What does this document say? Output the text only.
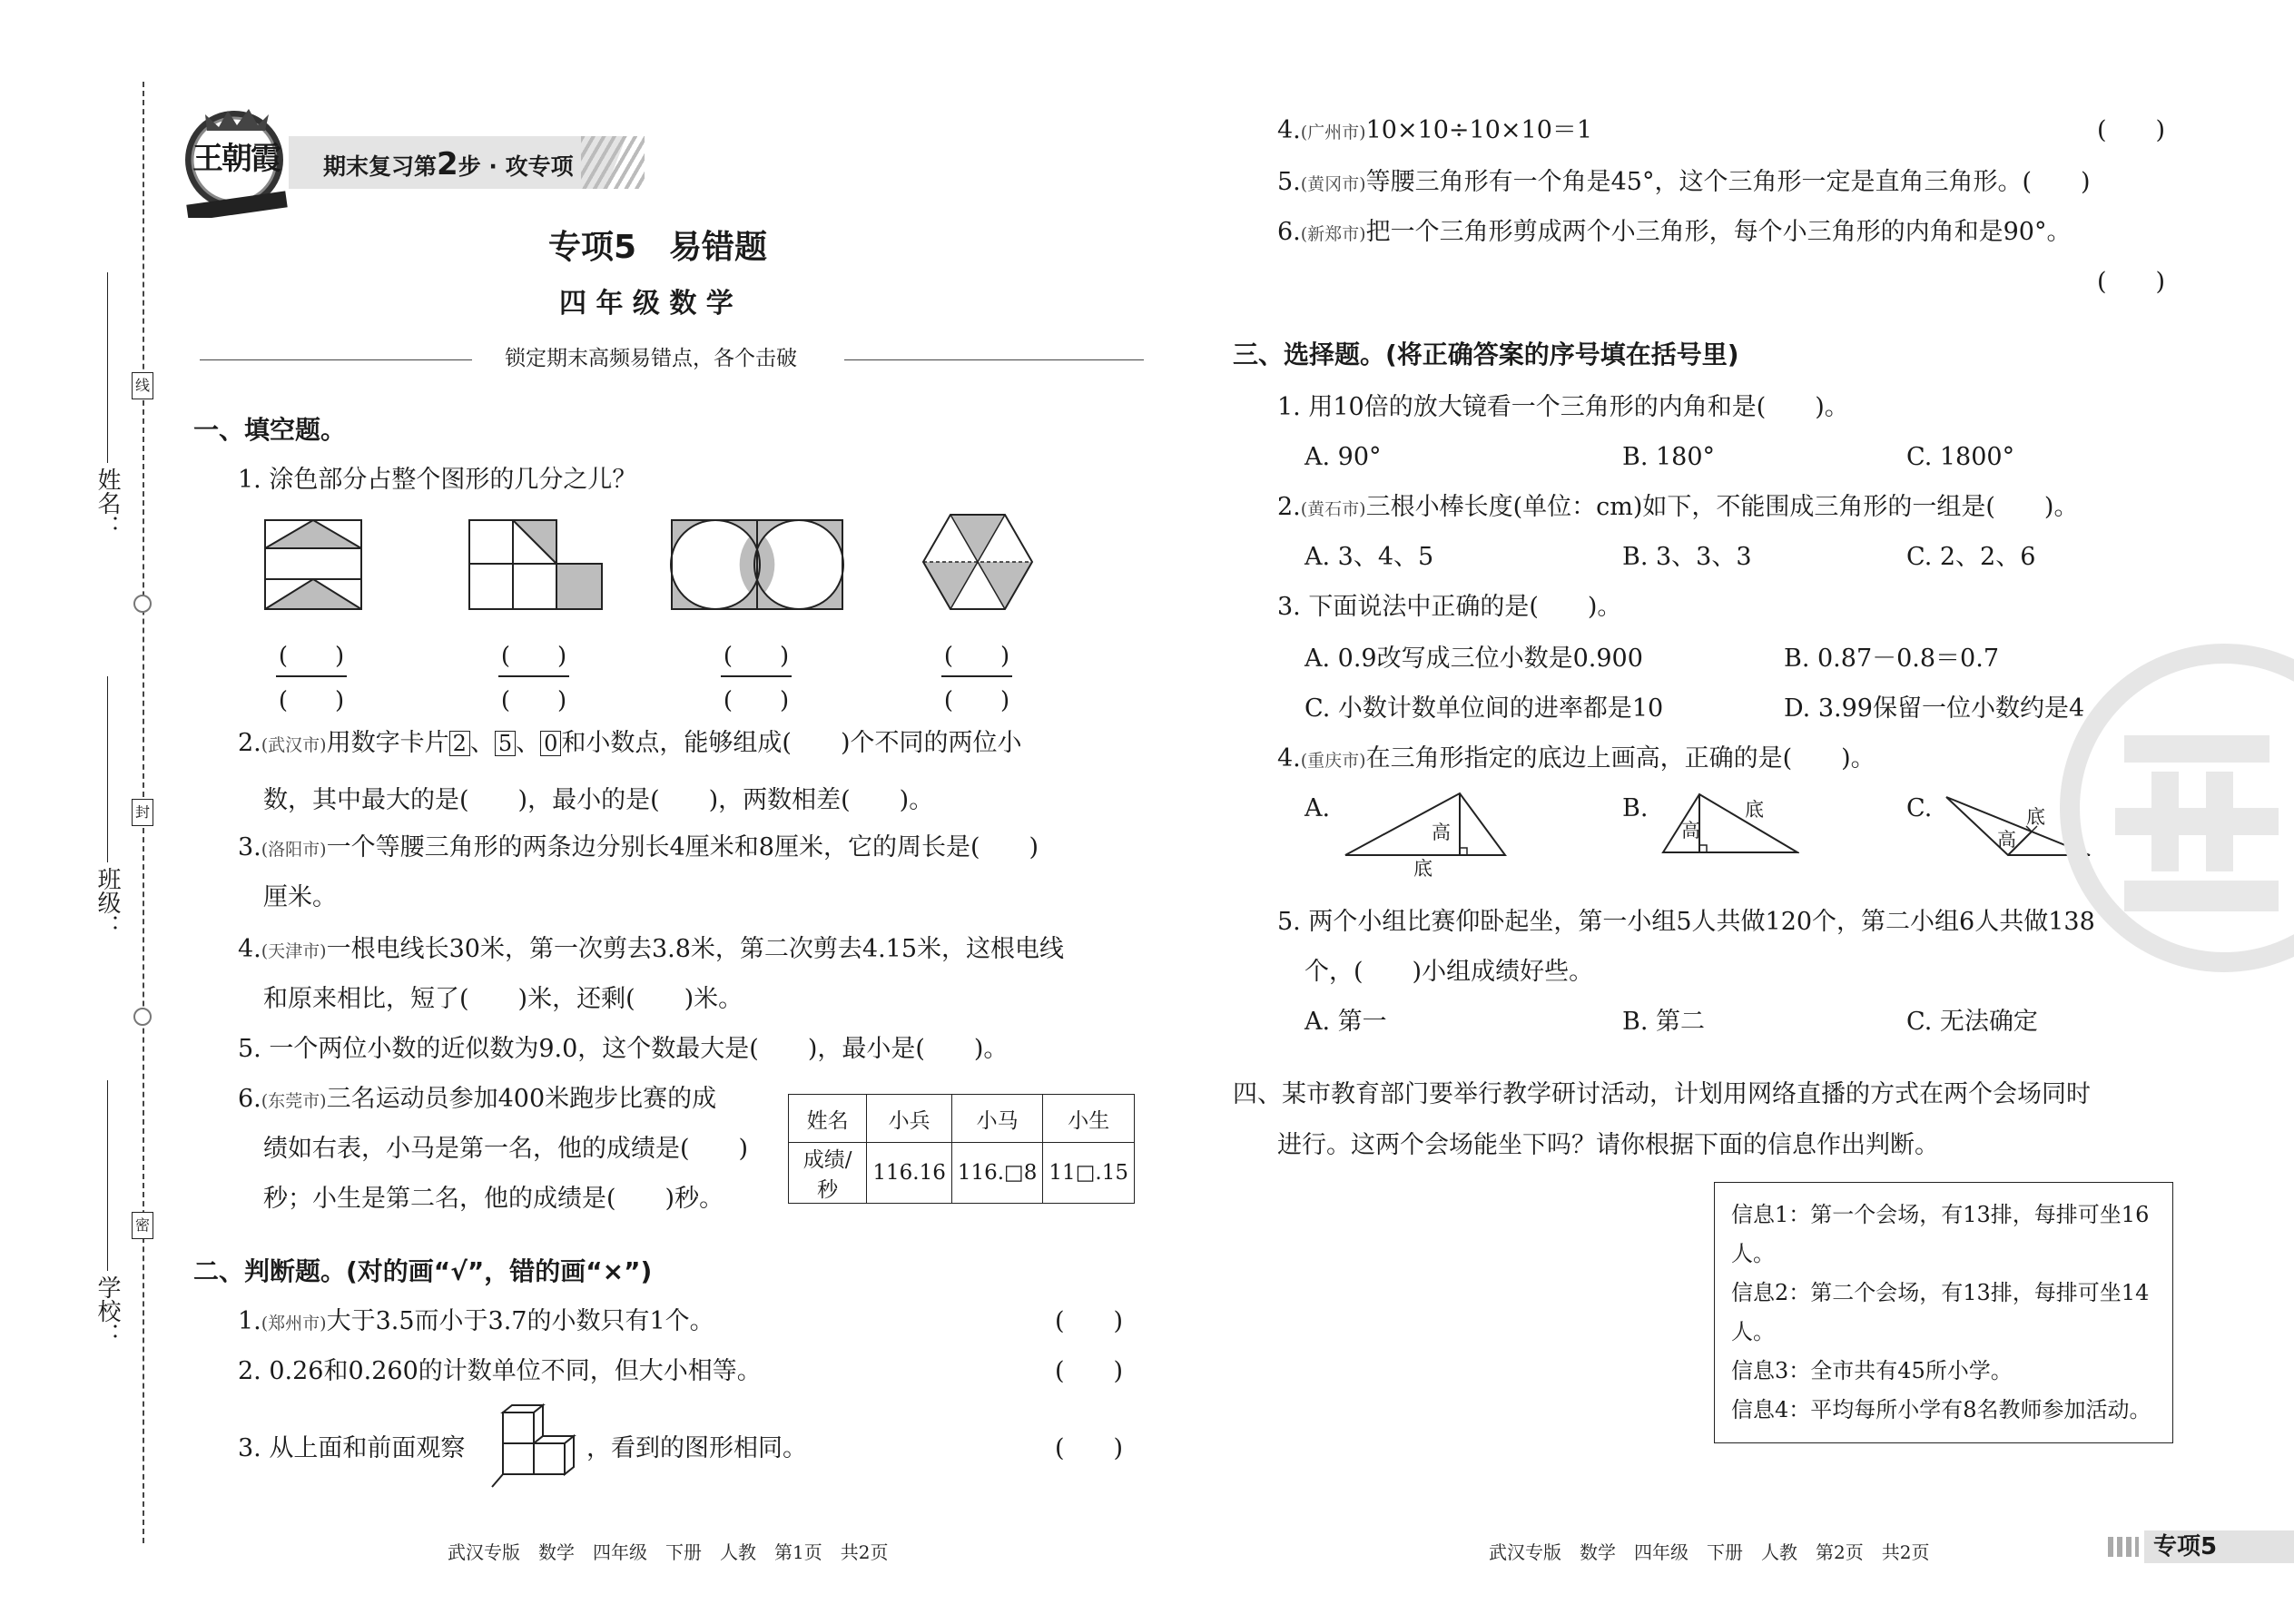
姓名：
班级：
学校：
线
封
密
王朝霞 期末复习第2步 · 攻专项
专项5　易错题
四 年 级 数 学
锁定期末高频易错点，各个击破
一、填空题。
1. 涂色部分占整个图形的几分之儿？
(　　)
(　　)
(　　)
(　　)
(　　)
(　　)
(　　)
(　　)
2.(武汉市)用数字卡片 2 、 5 、 0 和小数点，能够组成(　　)个不同的两位小
数，其中最大的是(　　)，最小的是(　　)，两数相差(　　)。
3.(洛阳市)一个等腰三角形的两条边分别长4厘米和8厘米，它的周长是(　　)
厘米。
4.(天津市)一根电线长30米，第一次剪去3.8米，第二次剪去4.15米，这根电线
和原来相比，短了(　　)米，还剩(　　)米。
5. 一个两位小数的近似数为9.0，这个数最大是(　　)，最小是(　　)。
6.(东莞市)三名运动员参加400米跑步比赛的成
绩如右表，小马是第一名，他的成绩是(　　)
秒；小生是第二名，他的成绩是(　　)秒。
姓名	小兵	小马	小生
成绩/秒	116.16	116.□8	11□.15
二、判断题。(对的画“√”，错的画“×”)
1.(郑州市)大于3.5而小于3.7的小数只有1个。	(　　)
2. 0.26和0.260的计数单位不同，但大小相等。	(　　)
3. 从上面和前面观察	，看到的图形相同。	(　　)
4.(广州市)10×10÷10×10＝1	(　　)
5.(黄冈市)等腰三角形有一个角是45°，这个三角形一定是直角三角形。(　　)
6.(新郑市)把一个三角形剪成两个小三角形，每个小三角形的内角和是90°。
(　　)
三、选择题。(将正确答案的序号填在括号里)
1. 用10倍的放大镜看一个三角形的内角和是(　　)。
A. 90°	B. 180°	C. 1800°
2.(黄石市)三根小棒长度(单位：cm)如下，不能围成三角形的一组是(　　)。
A. 3、4、5	B. 3、3、3	C. 2、2、6
3. 下面说法中正确的是(　　)。
A. 0.9改写成三位小数是0.900	B. 0.87－0.8＝0.7
C. 小数计数单位间的进率都是10	D. 3.99保留一位小数约是4
4.(重庆市)在三角形指定的底边上画高，正确的是(　　)。
A.	B.	C.
高
底
高
底
高
底
5. 两个小组比赛仰卧起坐，第一小组5人共做120个，第二小组6人共做138
个，(　　)小组成绩好些。
A. 第一	B. 第二	C. 无法确定
四、某市教育部门要举行教学研讨活动，计划用网络直播的方式在两个会场同时
进行。这两个会场能坐下吗？请你根据下面的信息作出判断。
信息1：第一个会场，有13排，每排可坐16人。
信息2：第二个会场，有13排，每排可坐14人。
信息3：全市共有45所小学。
信息4：平均每所小学有8名教师参加活动。
武汉专版　数学　四年级　下册　人教　第1页　共2页	武汉专版　数学　四年级　下册　人教　第2页　共2页	专项5
